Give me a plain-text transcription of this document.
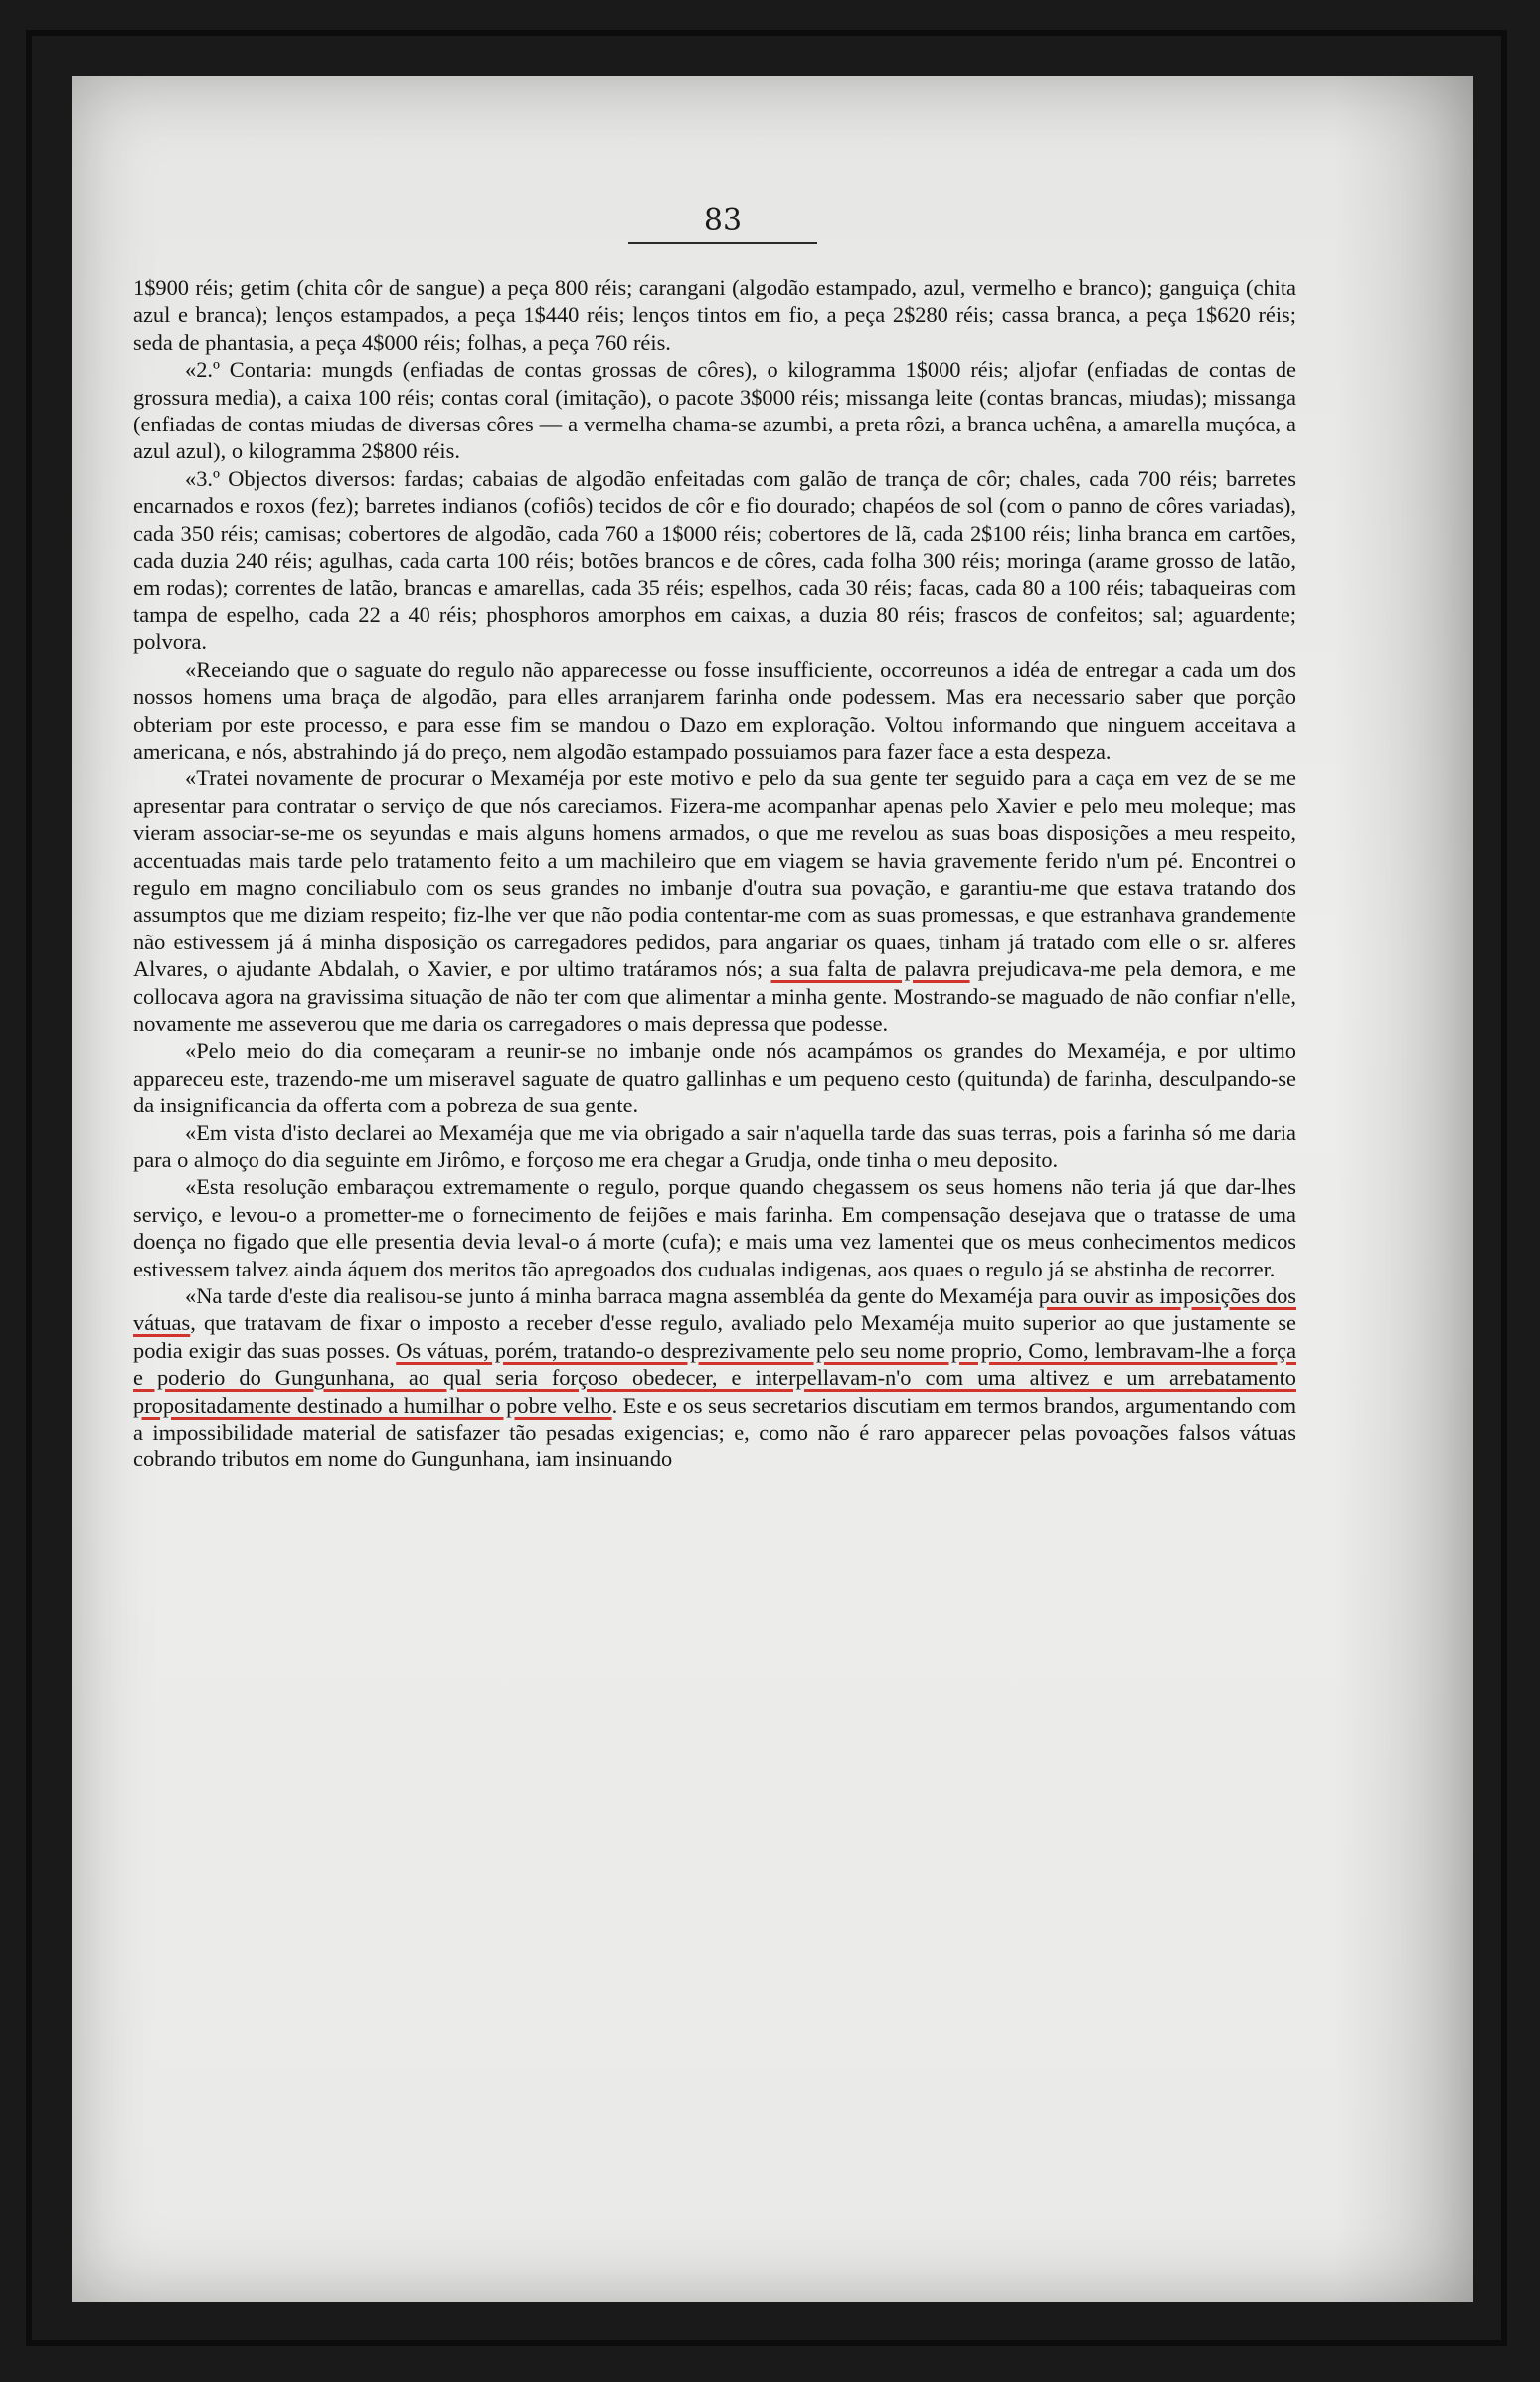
83

1$900 réis; getim (chita côr de sangue) a peça 800 réis; carangani (algodão estampado, azul, vermelho e branco); ganguiça (chita azul e branca); lenços estampados, a peça 1$440 réis; lenços tintos em fio, a peça 2$280 réis; cassa branca, a peça 1$620 réis; seda de phantasia, a peça 4$000 réis; folhas, a peça 760 réis.

«2.º Contaria: mungds (enfiadas de contas grossas de côres), o kilogramma 1$000 réis; aljofar (enfiadas de contas de grossura media), a caixa 100 réis; contas coral (imitação), o pacote 3$000 réis; missanga leite (contas brancas, miudas); missanga (enfiadas de contas miudas de diversas côres — a vermelha chama-se azumbi, a preta rôzi, a branca uchêna, a amarella muçóca, a azul azul), o kilogramma 2$800 réis.

«3.º Objectos diversos: fardas; cabaias de algodão enfeitadas com galão de trança de côr; chales, cada 700 réis; barretes encarnados e roxos (fez); barretes indianos (cofiôs) tecidos de côr e fio dourado; chapéos de sol (com o panno de côres variadas), cada 350 réis; camisas; cobertores de algodão, cada 760 a 1$000 réis; cobertores de lã, cada 2$100 réis; linha branca em cartões, cada duzia 240 réis; agulhas, cada carta 100 réis; botões brancos e de côres, cada folha 300 réis; moringa (arame grosso de latão, em rodas); correntes de latão, brancas e amarellas, cada 35 réis; espelhos, cada 30 réis; facas, cada 80 a 100 réis; tabaqueiras com tampa de espelho, cada 22 a 40 réis; phosphoros amorphos em caixas, a duzia 80 réis; frascos de confeitos; sal; aguardente; polvora.

«Receiando que o saguate do regulo não apparecesse ou fosse insufficiente, occorreunos a idéa de entregar a cada um dos nossos homens uma braça de algodão, para elles arranjarem farinha onde podessem. Mas era necessario saber que porção obteriam por este processo, e para esse fim se mandou o Dazo em exploração. Voltou informando que ninguem acceitava a americana, e nós, abstrahindo já do preço, nem algodão estampado possuiamos para fazer face a esta despeza.

«Tratei novamente de procurar o Mexaméja por este motivo e pelo da sua gente ter seguido para a caça em vez de se me apresentar para contratar o serviço de que nós careciamos. Fizera-me acompanhar apenas pelo Xavier e pelo meu moleque; mas vieram associar-se-me os seyundas e mais alguns homens armados, o que me revelou as suas boas disposições a meu respeito, accentuadas mais tarde pelo tratamento feito a um machileiro que em viagem se havia gravemente ferido n'um pé. Encontrei o regulo em magno conciliabulo com os seus grandes no imbanje d'outra sua povação, e garantiu-me que estava tratando dos assumptos que me diziam respeito; fiz-lhe ver que não podia contentar-me com as suas promessas, e que estranhava grandemente não estivessem já á minha disposição os carregadores pedidos, para angariar os quaes, tinham já tratado com elle o sr. alferes Alvares, o ajudante Abdalah, o Xavier, e por ultimo tratáramos nós; a sua falta de palavra prejudicava-me pela demora, e me collocava agora na gravissima situação de não ter com que alimentar a minha gente. Mostrando-se maguado de não confiar n'elle, novamente me asseverou que me daria os carregadores o mais depressa que podesse.

«Pelo meio do dia começaram a reunir-se no imbanje onde nós acampámos os grandes do Mexaméja, e por ultimo appareceu este, trazendo-me um miseravel saguate de quatro gallinhas e um pequeno cesto (quitunda) de farinha, desculpando-se da insignificancia da offerta com a pobreza de sua gente.

«Em vista d'isto declarei ao Mexaméja que me via obrigado a sair n'aquella tarde das suas terras, pois a farinha só me daria para o almoço do dia seguinte em Jirômo, e forçoso me era chegar a Grudja, onde tinha o meu deposito.

«Esta resolução embaraçou extremamente o regulo, porque quando chegassem os seus homens não teria já que dar-lhes serviço, e levou-o a prometter-me o fornecimento de feijões e mais farinha. Em compensação desejava que o tratasse de uma doença no figado que elle presentia devia leval-o á morte (cufa); e mais uma vez lamentei que os meus conhecimentos medicos estivessem talvez ainda áquem dos meritos tão apregoados dos cudualas indigenas, aos quaes o regulo já se abstinha de recorrer.

«Na tarde d'este dia realisou-se junto á minha barraca magna assembléa da gente do Mexaméja para ouvir as imposições dos vátuas, que tratavam de fixar o imposto a receber d'esse regulo, avaliado pelo Mexaméja muito superior ao que justamente se podia exigir das suas posses. Os vátuas, porém, tratando-o desprezivamente pelo seu nome proprio, Como, lembravam-lhe a força e poderio do Gungunhana, ao qual seria forçoso obedecer, e interpellavam-n'o com uma altivez e um arrebatamento propositadamente destinado a humilhar o pobre velho. Este e os seus secretarios discutiam em termos brandos, argumentando com a impossibilidade material de satisfazer tão pesadas exigencias; e, como não é raro apparecer pelas povoações falsos vátuas cobrando tributos em nome do Gungunhana, iam insinuando
